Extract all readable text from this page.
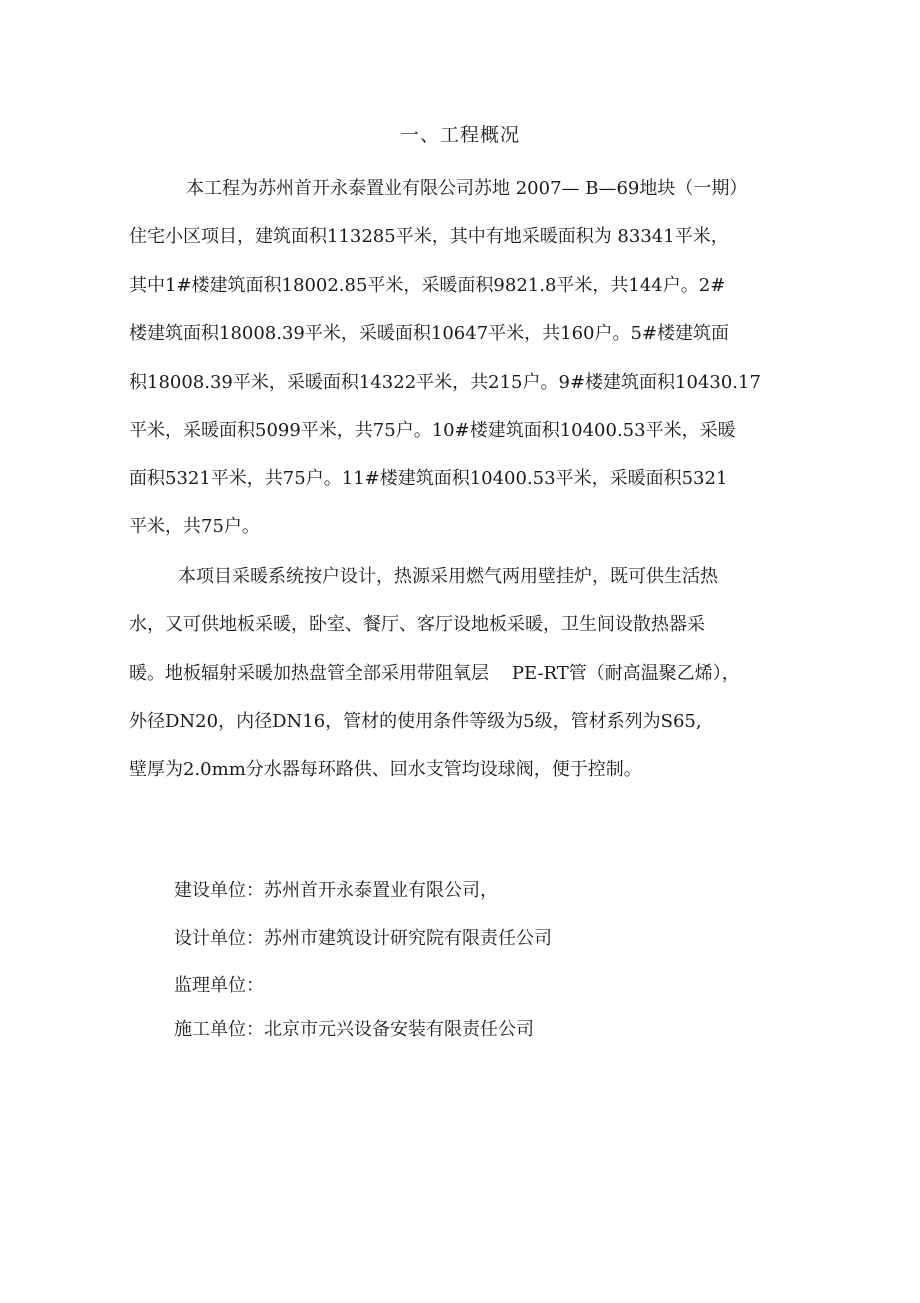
一、工程概况
本工程为苏州首开永泰置业有限公司苏地 2007— B—69地块（一期）
住宅小区项目，建筑面积113285平米，其中有地采暖面积为 83341平米，
其中1#楼建筑面积18002.85平米，采暖面积9821.8平米，共144户。2#
楼建筑面积18008.39平米，采暖面积10647平米，共160户。5#楼建筑面
积18008.39平米，采暖面积14322平米，共215户。9#楼建筑面积10430.17
平米，采暖面积5099平米，共75户。10#楼建筑面积10400.53平米，采暖
面积5321平米，共75户。11#楼建筑面积10400.53平米，采暖面积5321
平米，共75户。
本项目采暖系统按户设计，热源采用燃气两用壁挂炉，既可供生活热
水，又可供地板采暖，卧室、餐厅、客厅设地板采暖，卫生间设散热器采
暖。地板辐射采暖加热盘管全部采用带阻氧层    PE-RT管（耐高温聚乙烯），
外径DN20，内径DN16，管材的使用条件等级为5级，管材系列为S65,
壁厚为2.0mm分水器每环路供、回水支管均设球阀，便于控制。
建设单位：苏州首开永泰置业有限公司，
设计单位：苏州市建筑设计研究院有限责任公司
监理单位：
施工单位：北京市元兴设备安装有限责任公司
